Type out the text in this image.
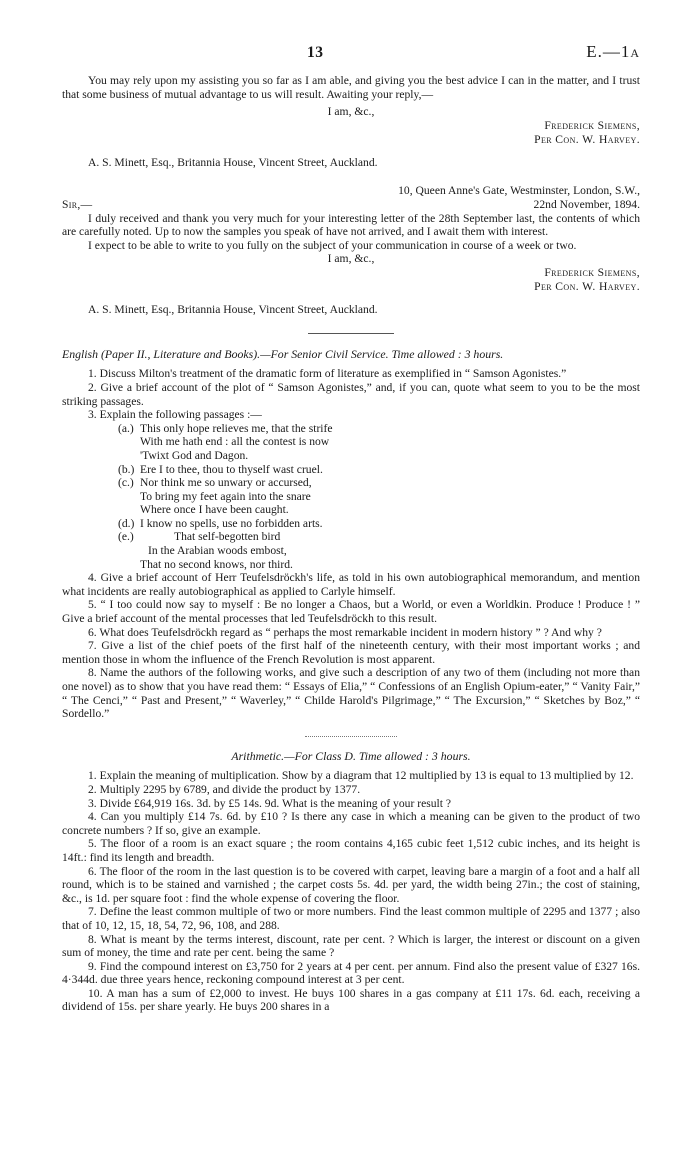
13	E.—1A

You may rely upon my assisting you so far as I am able, and giving you the best advice I can in the matter, and I trust that some business of mutual advantage to us will result. Awaiting your reply,—

I am, &c.,

Frederick Siemens,

Per Con. W. Harvey.

A. S. Minett, Esq., Britannia House, Vincent Street, Auckland.

10, Queen Anne's Gate, Westminster, London, S.W.,

Sir,—	22nd November, 1894.

I duly received and thank you very much for your interesting letter of the 28th September last, the contents of which are carefully noted. Up to now the samples you speak of have not arrived, and I await them with interest.

I expect to be able to write to you fully on the subject of your communication in course of a week or two.

I am, &c.,

Frederick Siemens,

Per Con. W. Harvey.

A. S. Minett, Esq., Britannia House, Vincent Street, Auckland.

English (Paper II., Literature and Books).—For Senior Civil Service. Time allowed : 3 hours.

1. Discuss Milton's treatment of the dramatic form of literature as exemplified in “ Samson Agonistes.”

2. Give a brief account of the plot of “ Samson Agonistes,” and, if you can, quote what seem to you to be the most striking passages.

3. Explain the following passages :—

(a.) This only hope relieves me, that the strife

With me hath end : all the contest is now

'Twixt God and Dagon.

(b.) Ere I to thee, thou to thyself wast cruel.

(c.) Nor think me so unwary or accursed,

To bring my feet again into the snare

Where once I have been caught.

(d.) I know no spells, use no forbidden arts.

(e.)	That self-begotten bird

In the Arabian woods embost,

That no second knows, nor third.

4. Give a brief account of Herr Teufelsdröckh's life, as told in his own autobiographical memorandum, and mention what incidents are really autobiographical as applied to Carlyle himself.

5. “ I too could now say to myself : Be no longer a Chaos, but a World, or even a Worldkin. Produce ! Produce ! ” Give a brief account of the mental processes that led Teufelsdröckh to this result.

6. What does Teufelsdröckh regard as “ perhaps the most remarkable incident in modern history ” ? And why ?

7. Give a list of the chief poets of the first half of the nineteenth century, with their most important works ; and mention those in whom the influence of the French Revolution is most apparent.

8. Name the authors of the following works, and give such a description of any two of them (including not more than one novel) as to show that you have read them: “ Essays of Elia,” “ Confessions of an English Opium-eater,” “ Vanity Fair,” “ The Cenci,” “ Past and Present,” “ Waverley,” “ Childe Harold's Pilgrimage,” “ The Excursion,” “ Sketches by Boz,” “ Sordello.”

Arithmetic.—For Class D. Time allowed : 3 hours.

1. Explain the meaning of multiplication. Show by a diagram that 12 multiplied by 13 is equal to 13 multiplied by 12.

2. Multiply 2295 by 6789, and divide the product by 1377.

3. Divide £64,919 16s. 3d. by £5 14s. 9d. What is the meaning of your result ?

4. Can you multiply £14 7s. 6d. by £10 ? Is there any case in which a meaning can be given to the product of two concrete numbers ? If so, give an example.

5. The floor of a room is an exact square ; the room contains 4,165 cubic feet 1,512 cubic inches, and its height is 14ft.: find its length and breadth.

6. The floor of the room in the last question is to be covered with carpet, leaving bare a margin of a foot and a half all round, which is to be stained and varnished ; the carpet costs 5s. 4d. per yard, the width being 27in.; the cost of staining, &c., is 1d. per square foot : find the whole expense of covering the floor.

7. Define the least common multiple of two or more numbers. Find the least common multiple of 2295 and 1377 ; also that of 10, 12, 15, 18, 54, 72, 96, 108, and 288.

8. What is meant by the terms interest, discount, rate per cent. ? Which is larger, the interest or discount on a given sum of money, the time and rate per cent. being the same ?

9. Find the compound interest on £3,750 for 2 years at 4 per cent. per annum. Find also the present value of £327 16s. 4·344d. due three years hence, reckoning compound interest at 3 per cent.

10. A man has a sum of £2,000 to invest. He buys 100 shares in a gas company at £11 17s. 6d. each, receiving a dividend of 15s. per share yearly. He buys 200 shares in a
